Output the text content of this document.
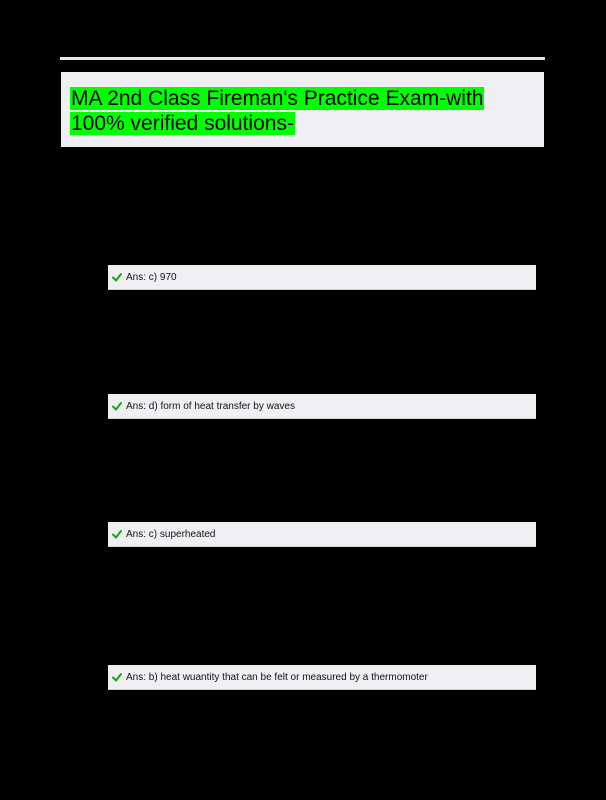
MA 2nd Class Fireman's Practice Exam-with
100% verified solutions-
Ans: c) 970
Ans: d) form of heat transfer by waves
Ans: c) superheated
Ans: b) heat wuantity that can be felt or measured by a thermomoter
